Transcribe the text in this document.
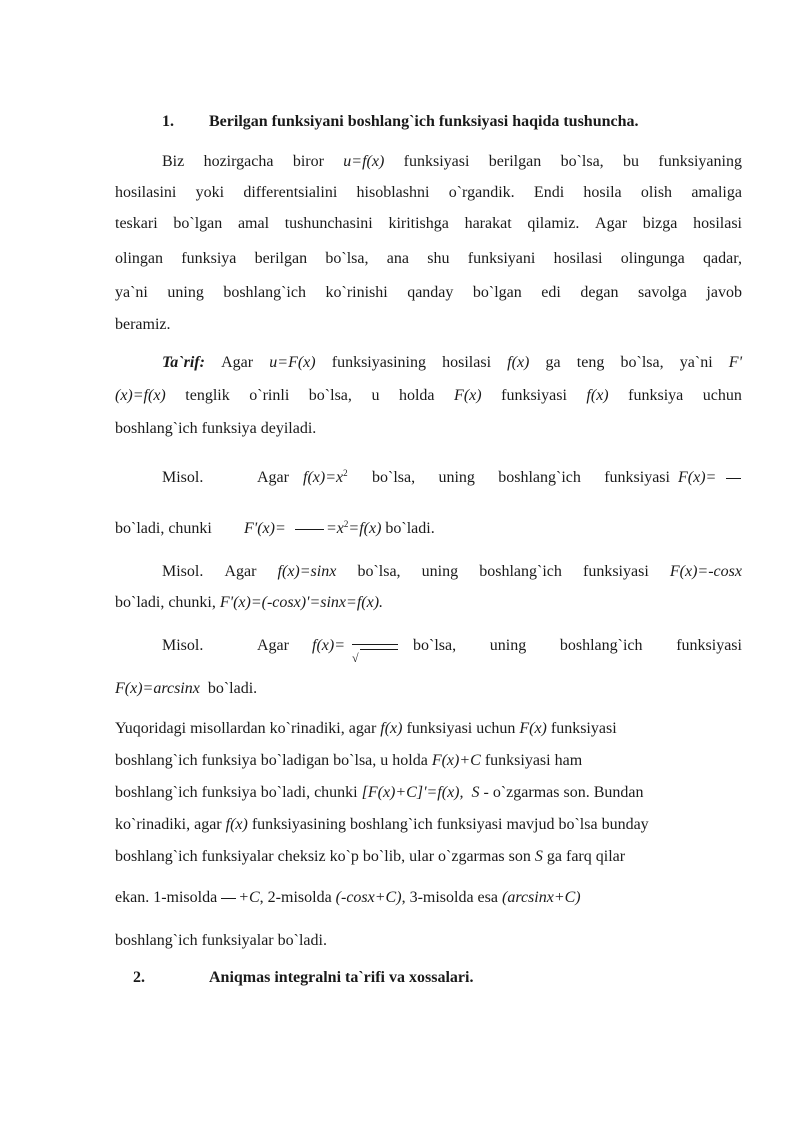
1. Berilgan funksiyani boshlang`ich funksiyasi haqida tushuncha.
Biz hozirgacha biror u=f(x) funksiyasi berilgan bo`lsa, bu funksiyaning
hosilasini yoki differentsialini hisoblashni o`rgandik. Endi hosila olish amaliga
teskari bo`lgan amal tushunchasini kiritishga harakat qilamiz. Agar bizga hosilasi
olingan funksiya berilgan bo`lsa, ana shu funksiyani hosilasi olingunga qadar,
ya`ni uning boshlang`ich ko`rinishi qanday bo`lgan edi degan savolga javob
beramiz.
Ta`rif: Agar u=F(x) funksiyasining hosilasi f(x) ga teng bo`lsa, ya`ni F'
(x)=f(x) tenglik o`rinli bo`lsa, u holda F(x) funksiyasi f(x) funksiya uchun
boshlang`ich funksiya deyiladi.
Misol.	Agar $f(x)=x^2$ bo`lsa, uning boshlang`ich funksiyasi F(x)=
bo`ladi, chunki F'(x)=	$=x^2=f(x)$ bo`ladi.
Misol. Agar f(x)=sinx bo`lsa, uning boshlang`ich funksiyasi F(x)=-cosx
bo`ladi, chunki, F'(x)=(-cosx)'=sinx=f(x).
Misol.	Agar f(x)=
√
bo`lsa, uning boshlang`ich funksiyasi
F(x)=arcsinx bo`ladi.
Yuqoridagi misollardan ko`rinadiki, agar f(x) funksiyasi uchun F(x) funksiyasi
boshlang`ich funksiya bo`ladigan bo`lsa, u holda F(x)+C funksiyasi ham
boshlang`ich funksiya bo`ladi, chunki [F(x)+C]'=f(x), S - o`zgarmas son. Bundan
ko`rinadiki, agar f(x) funksiyasining boshlang`ich funksiyasi mavjud bo`lsa bunday
boshlang`ich funksiyalar cheksiz ko`p bo`lib, ular o`zgarmas son S ga farq qilar
ekan. 1-misolda +C, 2-misolda (-cosx+C), 3-misolda esa (arcsinx+C)
boshlang`ich funksiyalar bo`ladi.
2.	Aniqmas integralni ta`rifi va xossalari.
